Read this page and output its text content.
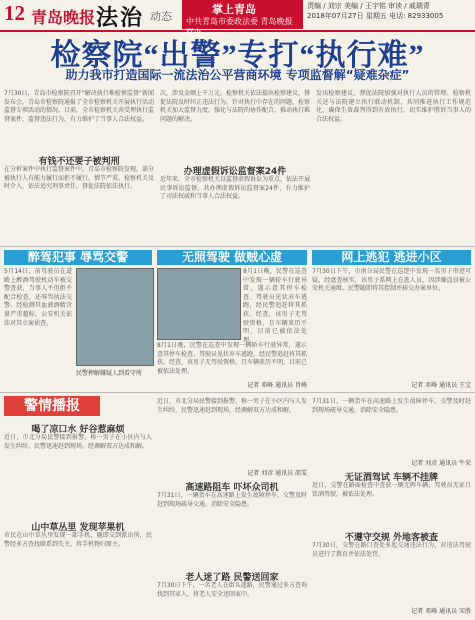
12 青岛晚报 法治 动态
掌上青岛
中共青岛市委政法委 青岛晚报 联办
责编 / 刘宗 美编 / 王宇铭 审读 / 戚瑞青
2018年07月27日 星期五 电话: 82933005
检察院“出警”专打“执行难”
助力我市打造国际一流法治公平营商环境 专项监督解“疑难杂症”
7月30日，青岛市检察院召开“解决执行难检察监督”新闻发布会，青岛市检察院通报了全市检察机关开展执行活动监督专项活动的情况。目前，全市检察机关共受理执行监督案件，监督违法行为，有力维护了当事人合法权益。
有钱不还要子被判刑
在分析案件中执行监督案件中，青岛市检察院发现，部分被执行人有能力履行而拒不履行，情节严重。检察机关及时介入，依法追究刑事责任，督促法院依法执行。
次，涉及金额上千万元。检察机关依法提出检察建议，督促法院及时纠正违法行为。针对执行中存在的问题，检察机关加大监督力度，强化与法院的协作配合，推动执行难问题的解决。
办理虚假诉讼监督案24件
近年来，全市检察机关以监督虚假诉讼为重点，依法开展民事诉讼监督，共办理虚假诉讼监督案24件，有力维护了司法权威和当事人合法权益。
发出检察建议，督促法院加强对执行人员的管理。检察机关还与法院建立执行联动机制，共同推进执行工作规范化，确保生效裁判得到有效执行，切实维护胜诉当事人的合法权益。
醉驾犯事 辱骂交警
5月14日，前驾驶员在道路上醉酒驾驶机动车被交警查获，当事人不但拒不配合检查，还辱骂执法交警。经检测其血液酒精含量严重超标，公安机关依法对其立案侦查。
民警押解嫌疑人到看守所
无照驾驶 做贼心虚
8月1日晚，民警在巡查中发现一辆轿车行驶异常，遂示意其停车检查。驾驶员见状弃车逃跑，经民警追赶将其抓获。经查，该男子无驾驶资格，且车辆来历不明，目前已被依法处理。
8月1日晚，民警在巡查中发现一辆轿车行驶异常，遂示意其停车检查。驾驶员见状弃车逃跑，经民警追赶将其抓获。经查，该男子无驾驶资格，且车辆来历不明，目前已被依法处理。
记者 邓峰 通讯员 肖峰
网上逃犯 逃进小区
7月30日下午，市南分局民警在巡逻中发现一名男子形迹可疑，经盘查核实，该男子系网上在逃人员，因涉嫌盗窃被公安机关通缉。民警随即将其控制并移交办案单位。
记者 邓峰 通讯员 王宝
警情播报
喝了凉口水 好谷惹麻烦
近日，市北分局民警接到报警，称一男子在小区内与人发生纠纷，民警迅速赶到现场，经调解双方达成和解。
山中草丛里 发现苹果机
市民在山中草丛里发现一部手机，随即交到派出所，民警经多方查找联系到失主，将手机物归原主。
近日，市北分局民警接到报警，称一男子在小区内与人发生纠纷，民警迅速赶到现场，经调解双方达成和解。
记者 刘彦 通讯员 邵雯
高速路阻车 吓坏众司机
7月31日，一辆货车在高速路上发生故障停车，交警及时赶到现场疏导交通，消除安全隐患。
老人迷了路 民警送回家
7月30日下午，一名老人在街头迷路，民警通过多方查询找到其家人，将老人安全送回家中。
7月31日，一辆货车在高速路上发生故障停车，交警及时赶到现场疏导交通，消除安全隐患。
记者 刘彦 通讯员 牛荣
无证酒驾试 车辆不挂牌
近日，交警在路面检查中查获一辆无牌车辆，驾驶员无证且饮酒驾驶，被依法处理。
不遵守交规 外地客被查
7月30日，交警在路口查处多起交通违法行为，对违法驾驶员进行了教育并依法处罚。
记者 邓峰 通讯员 宋胜
